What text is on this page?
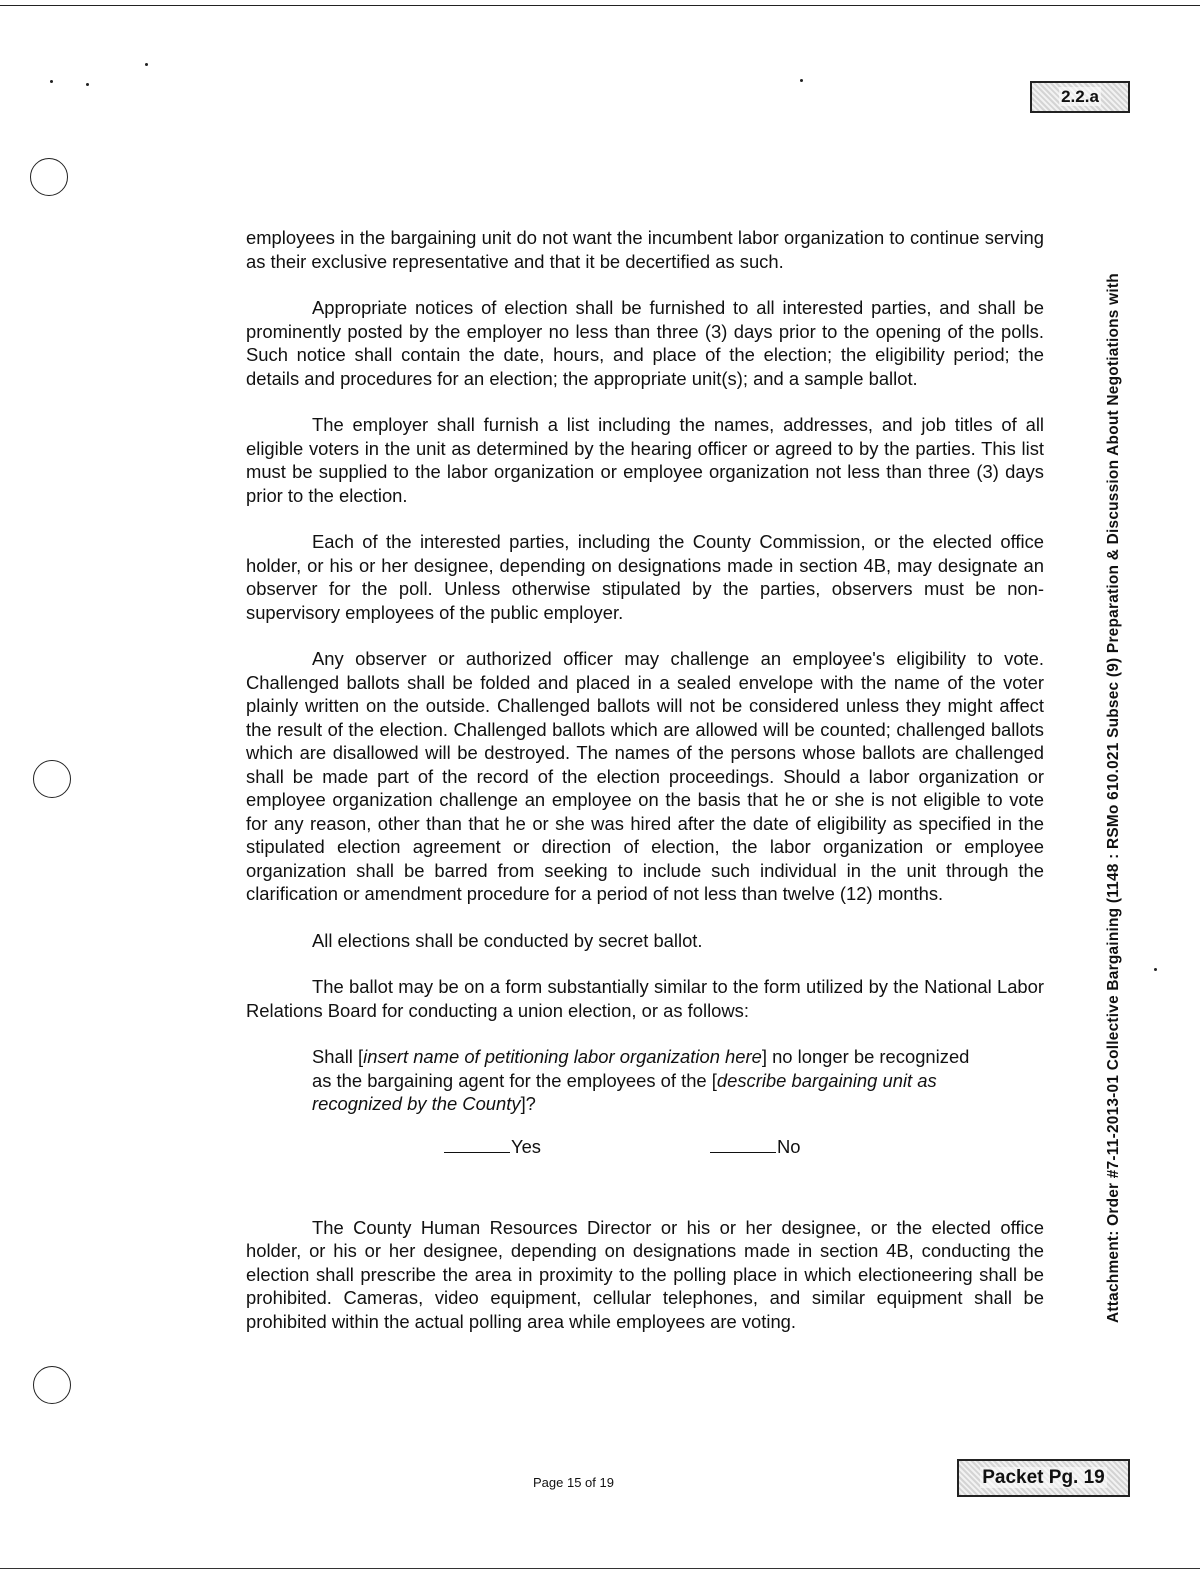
2.2.a
Attachment: Order #7-11-2013-01 Collective Bargaining (1148 : RSMo 610.021 Subsec (9) Preparation & Discussion About Negotiations with

employees in the bargaining unit do not want the incumbent labor organization to continue serving as their exclusive representative and that it be decertified as such.

Appropriate notices of election shall be furnished to all interested parties, and shall be prominently posted by the employer no less than three (3) days prior to the opening of the polls. Such notice shall contain the date, hours, and place of the election; the eligibility period; the details and procedures for an election; the appropriate unit(s); and a sample ballot.

The employer shall furnish a list including the names, addresses, and job titles of all eligible voters in the unit as determined by the hearing officer or agreed to by the parties. This list must be supplied to the labor organization or employee organization not less than three (3) days prior to the election.

Each of the interested parties, including the County Commission, or the elected office holder, or his or her designee, depending on designations made in section 4B, may designate an observer for the poll. Unless otherwise stipulated by the parties, observers must be non-supervisory employees of the public employer.

Any observer or authorized officer may challenge an employee's eligibility to vote. Challenged ballots shall be folded and placed in a sealed envelope with the name of the voter plainly written on the outside. Challenged ballots will not be considered unless they might affect the result of the election. Challenged ballots which are allowed will be counted; challenged ballots which are disallowed will be destroyed. The names of the persons whose ballots are challenged shall be made part of the record of the election proceedings. Should a labor organization or employee organization challenge an employee on the basis that he or she is not eligible to vote for any reason, other than that he or she was hired after the date of eligibility as specified in the stipulated election agreement or direction of election, the labor organization or employee organization shall be barred from seeking to include such individual in the unit through the clarification or amendment procedure for a period of not less than twelve (12) months.

All elections shall be conducted by secret ballot.

The ballot may be on a form substantially similar to the form utilized by the National Labor Relations Board for conducting a union election, or as follows:

Shall [insert name of petitioning labor organization here] no longer be recognized as the bargaining agent for the employees of the [describe bargaining unit as recognized by the County]?

Yes	No

The County Human Resources Director or his or her designee, or the elected office holder, or his or her designee, depending on designations made in section 4B, conducting the election shall prescribe the area in proximity to the polling place in which electioneering shall be prohibited. Cameras, video equipment, cellular telephones, and similar equipment shall be prohibited within the actual polling area while employees are voting.

Page 15 of 19	Packet Pg. 19
